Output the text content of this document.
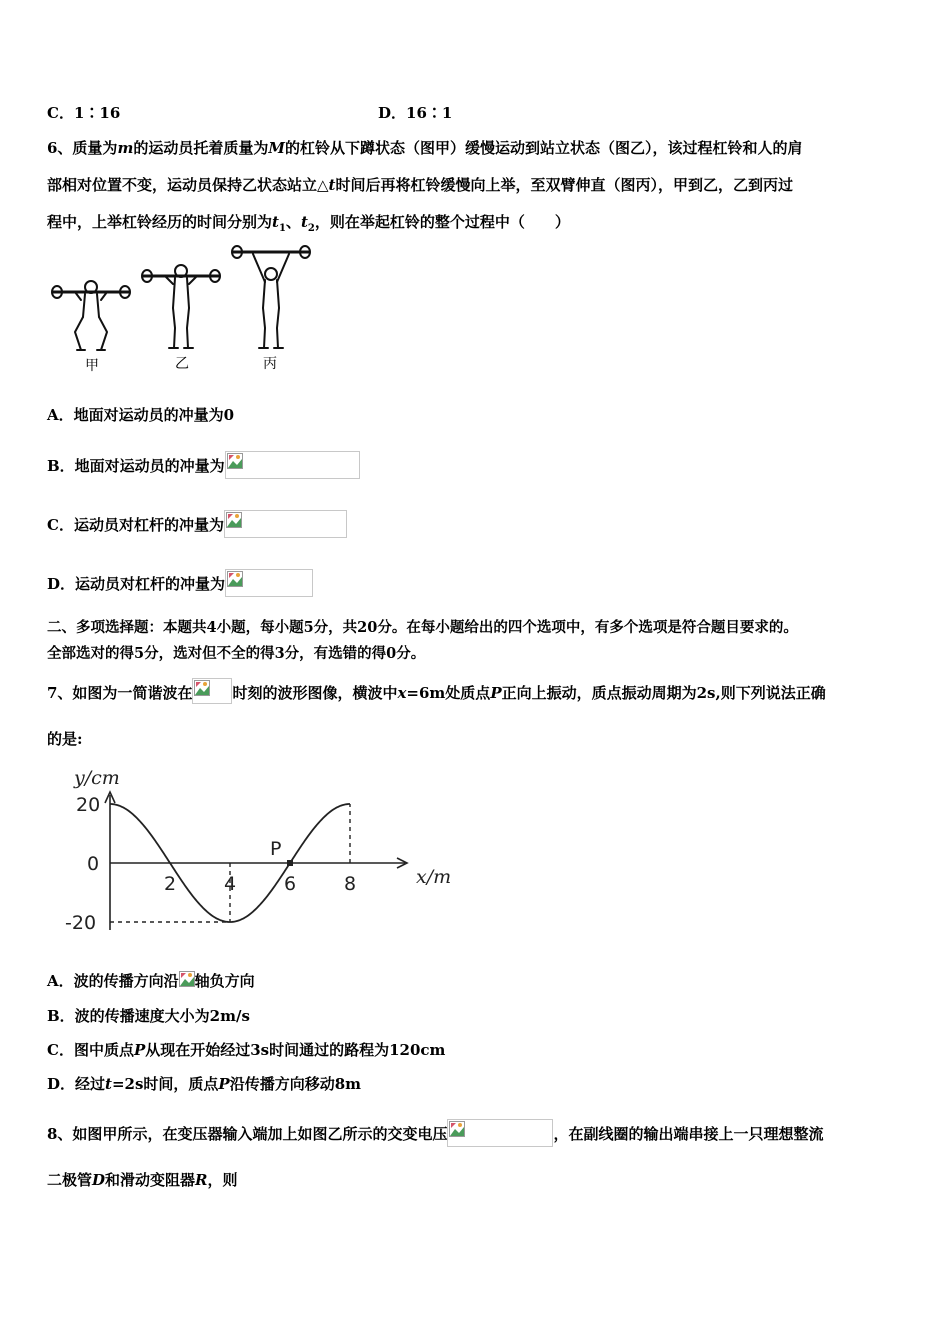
C．1∶16	D．16∶1
6、质量为m的运动员托着质量为M的杠铃从下蹲状态（图甲）缓慢运动到站立状态（图乙），该过程杠铃和人的肩
部相对位置不变，运动员保持乙状态站立△t时间后再将杠铃缓慢向上举，至双臂伸直（图丙），甲到乙，乙到丙过
程中，上举杠铃经历的时间分别为$t_1$、$t_2$，则在举起杠铃的整个过程中（　　）
甲	乙	丙
A．地面对运动员的冲量为0
B．地面对运动员的冲量为
C．运动员对杠杆的冲量为
D．运动员对杠杆的冲量为
二、多项选择题：本题共4小题，每小题5分，共20分。在每小题给出的四个选项中，有多个选项是符合题目要求的。
全部选对的得5分，选对但不全的得3分，有选错的得0分。
7、如图为一简谐波在	时刻的波形图像，横波中x=6m处质点P正向上振动，质点振动周期为2s,则下列说法正确
的是:
2	4	6	8
20
0
-20
y/cm
x/m
P
A．波的传播方向沿 轴负方向
B．波的传播速度大小为2m/s
C．图中质点P从现在开始经过3s时间通过的路程为120cm
D．经过t=2s时间，质点P沿传播方向移动8m
8、如图甲所示，在变压器输入端加上如图乙所示的交变电压	，在副线圈的输出端串接上一只理想整流
二极管D和滑动变阻器R，则
